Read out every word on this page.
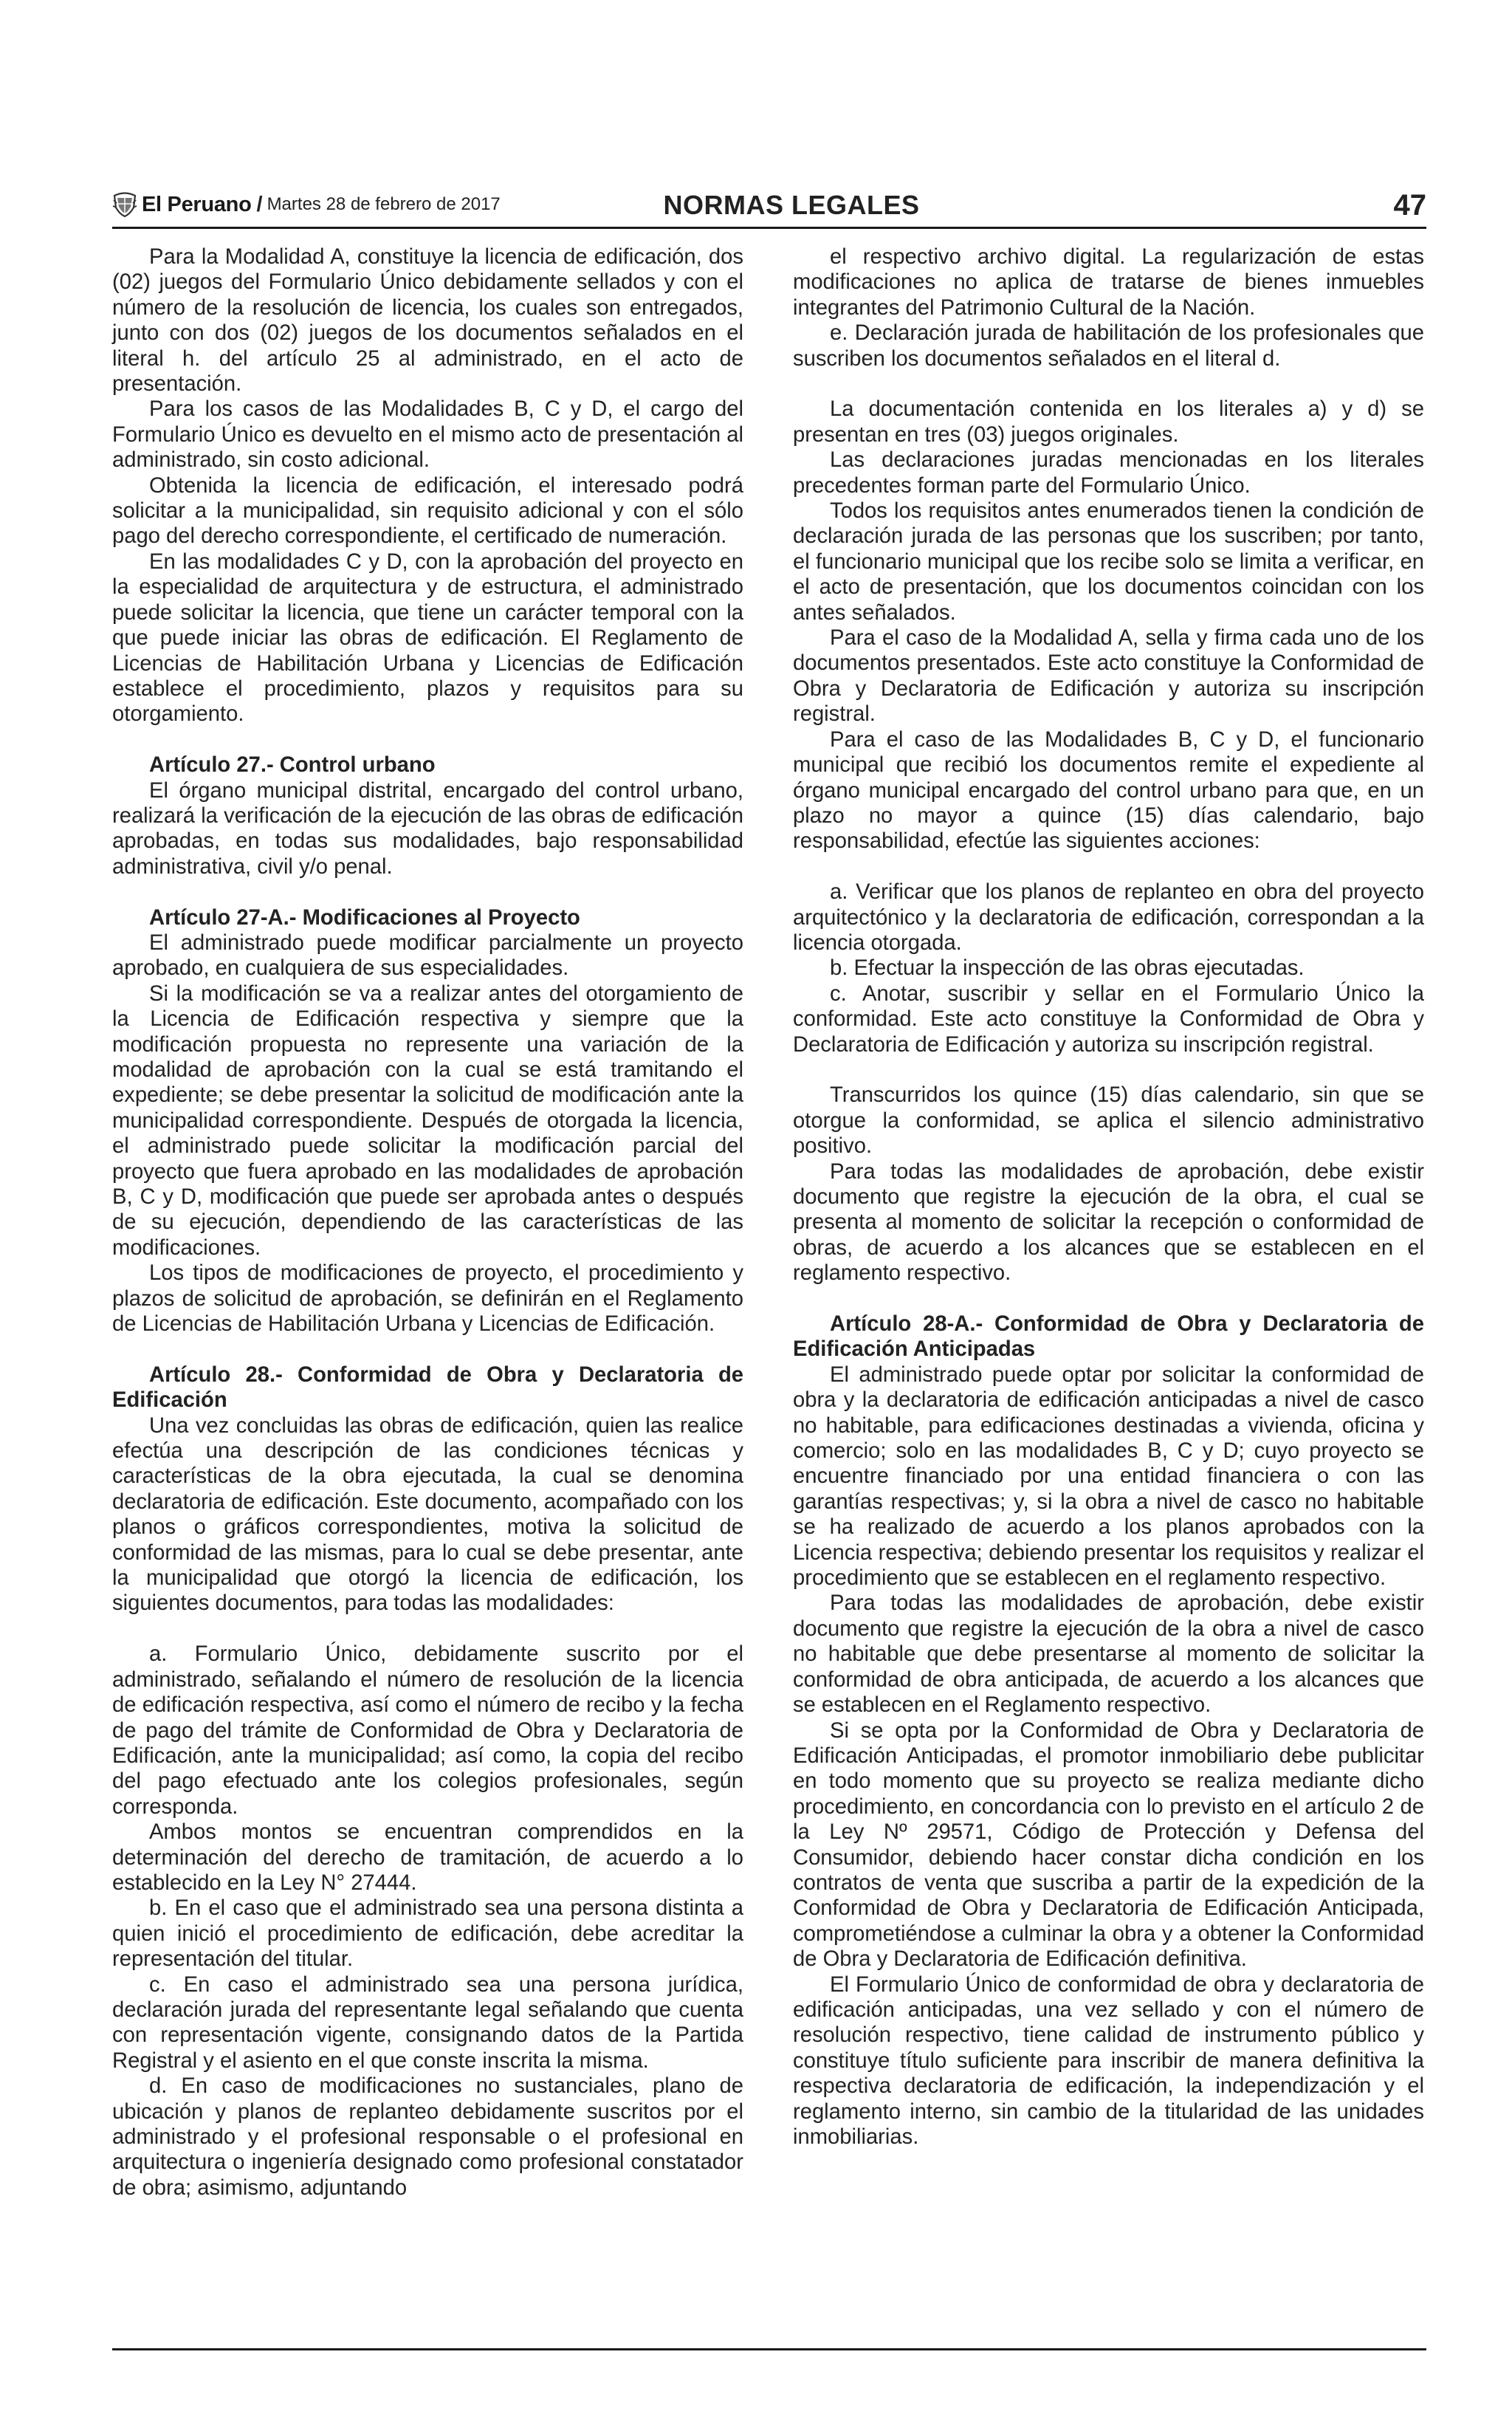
El Peruano / Martes 28 de febrero de 2017	NORMAS LEGALES	47

Para la Modalidad A, constituye la licencia de edificación, dos (02) juegos del Formulario Único debidamente sellados y con el número de la resolución de licencia, los cuales son entregados, junto con dos (02) juegos de los documentos señalados en el literal h. del artículo 25 al administrado, en el acto de presentación.

Para los casos de las Modalidades B, C y D, el cargo del Formulario Único es devuelto en el mismo acto de presentación al administrado, sin costo adicional.

Obtenida la licencia de edificación, el interesado podrá solicitar a la municipalidad, sin requisito adicional y con el sólo pago del derecho correspondiente, el certificado de numeración.

En las modalidades C y D, con la aprobación del proyecto en la especialidad de arquitectura y de estructura, el administrado puede solicitar la licencia, que tiene un carácter temporal con la que puede iniciar las obras de edificación. El Reglamento de Licencias de Habilitación Urbana y Licencias de Edificación establece el procedimiento, plazos y requisitos para su otorgamiento.

Artículo 27.- Control urbano

El órgano municipal distrital, encargado del control urbano, realizará la verificación de la ejecución de las obras de edificación aprobadas, en todas sus modalidades, bajo responsabilidad administrativa, civil y/o penal.

Artículo 27-A.- Modificaciones al Proyecto

El administrado puede modificar parcialmente un proyecto aprobado, en cualquiera de sus especialidades.

Si la modificación se va a realizar antes del otorgamiento de la Licencia de Edificación respectiva y siempre que la modificación propuesta no represente una variación de la modalidad de aprobación con la cual se está tramitando el expediente; se debe presentar la solicitud de modificación ante la municipalidad correspondiente. Después de otorgada la licencia, el administrado puede solicitar la modificación parcial del proyecto que fuera aprobado en las modalidades de aprobación B, C y D, modificación que puede ser aprobada antes o después de su ejecución, dependiendo de las características de las modificaciones.

Los tipos de modificaciones de proyecto, el procedimiento y plazos de solicitud de aprobación, se definirán en el Reglamento de Licencias de Habilitación Urbana y Licencias de Edificación.

Artículo 28.- Conformidad de Obra y Declaratoria de Edificación

Una vez concluidas las obras de edificación, quien las realice efectúa una descripción de las condiciones técnicas y características de la obra ejecutada, la cual se denomina declaratoria de edificación. Este documento, acompañado con los planos o gráficos correspondientes, motiva la solicitud de conformidad de las mismas, para lo cual se debe presentar, ante la municipalidad que otorgó la licencia de edificación, los siguientes documentos, para todas las modalidades:

a. Formulario Único, debidamente suscrito por el administrado, señalando el número de resolución de la licencia de edificación respectiva, así como el número de recibo y la fecha de pago del trámite de Conformidad de Obra y Declaratoria de Edificación, ante la municipalidad; así como, la copia del recibo del pago efectuado ante los colegios profesionales, según corresponda.

Ambos montos se encuentran comprendidos en la determinación del derecho de tramitación, de acuerdo a lo establecido en la Ley N° 27444.

b. En el caso que el administrado sea una persona distinta a quien inició el procedimiento de edificación, debe acreditar la representación del titular.

c. En caso el administrado sea una persona jurídica, declaración jurada del representante legal señalando que cuenta con representación vigente, consignando datos de la Partida Registral y el asiento en el que conste inscrita la misma.

d. En caso de modificaciones no sustanciales, plano de ubicación y planos de replanteo debidamente suscritos por el administrado y el profesional responsable o el profesional en arquitectura o ingeniería designado como profesional constatador de obra; asimismo, adjuntando

el respectivo archivo digital. La regularización de estas modificaciones no aplica de tratarse de bienes inmuebles integrantes del Patrimonio Cultural de la Nación.

e. Declaración jurada de habilitación de los profesionales que suscriben los documentos señalados en el literal d.

La documentación contenida en los literales a) y d) se presentan en tres (03) juegos originales.

Las declaraciones juradas mencionadas en los literales precedentes forman parte del Formulario Único.

Todos los requisitos antes enumerados tienen la condición de declaración jurada de las personas que los suscriben; por tanto, el funcionario municipal que los recibe solo se limita a verificar, en el acto de presentación, que los documentos coincidan con los antes señalados.

Para el caso de la Modalidad A, sella y firma cada uno de los documentos presentados. Este acto constituye la Conformidad de Obra y Declaratoria de Edificación y autoriza su inscripción registral.

Para el caso de las Modalidades B, C y D, el funcionario municipal que recibió los documentos remite el expediente al órgano municipal encargado del control urbano para que, en un plazo no mayor a quince (15) días calendario, bajo responsabilidad, efectúe las siguientes acciones:

a. Verificar que los planos de replanteo en obra del proyecto arquitectónico y la declaratoria de edificación, correspondan a la licencia otorgada.

b. Efectuar la inspección de las obras ejecutadas.

c. Anotar, suscribir y sellar en el Formulario Único la conformidad. Este acto constituye la Conformidad de Obra y Declaratoria de Edificación y autoriza su inscripción registral.

Transcurridos los quince (15) días calendario, sin que se otorgue la conformidad, se aplica el silencio administrativo positivo.

Para todas las modalidades de aprobación, debe existir documento que registre la ejecución de la obra, el cual se presenta al momento de solicitar la recepción o conformidad de obras, de acuerdo a los alcances que se establecen en el reglamento respectivo.

Artículo 28-A.- Conformidad de Obra y Declaratoria de Edificación Anticipadas

El administrado puede optar por solicitar la conformidad de obra y la declaratoria de edificación anticipadas a nivel de casco no habitable, para edificaciones destinadas a vivienda, oficina y comercio; solo en las modalidades B, C y D; cuyo proyecto se encuentre financiado por una entidad financiera o con las garantías respectivas; y, si la obra a nivel de casco no habitable se ha realizado de acuerdo a los planos aprobados con la Licencia respectiva; debiendo presentar los requisitos y realizar el procedimiento que se establecen en el reglamento respectivo.

Para todas las modalidades de aprobación, debe existir documento que registre la ejecución de la obra a nivel de casco no habitable que debe presentarse al momento de solicitar la conformidad de obra anticipada, de acuerdo a los alcances que se establecen en el Reglamento respectivo.

Si se opta por la Conformidad de Obra y Declaratoria de Edificación Anticipadas, el promotor inmobiliario debe publicitar en todo momento que su proyecto se realiza mediante dicho procedimiento, en concordancia con lo previsto en el artículo 2 de la Ley Nº 29571, Código de Protección y Defensa del Consumidor, debiendo hacer constar dicha condición en los contratos de venta que suscriba a partir de la expedición de la Conformidad de Obra y Declaratoria de Edificación Anticipada, comprometiéndose a culminar la obra y a obtener la Conformidad de Obra y Declaratoria de Edificación definitiva.

El Formulario Único de conformidad de obra y declaratoria de edificación anticipadas, una vez sellado y con el número de resolución respectivo, tiene calidad de instrumento público y constituye título suficiente para inscribir de manera definitiva la respectiva declaratoria de edificación, la independización y el reglamento interno, sin cambio de la titularidad de las unidades inmobiliarias.
